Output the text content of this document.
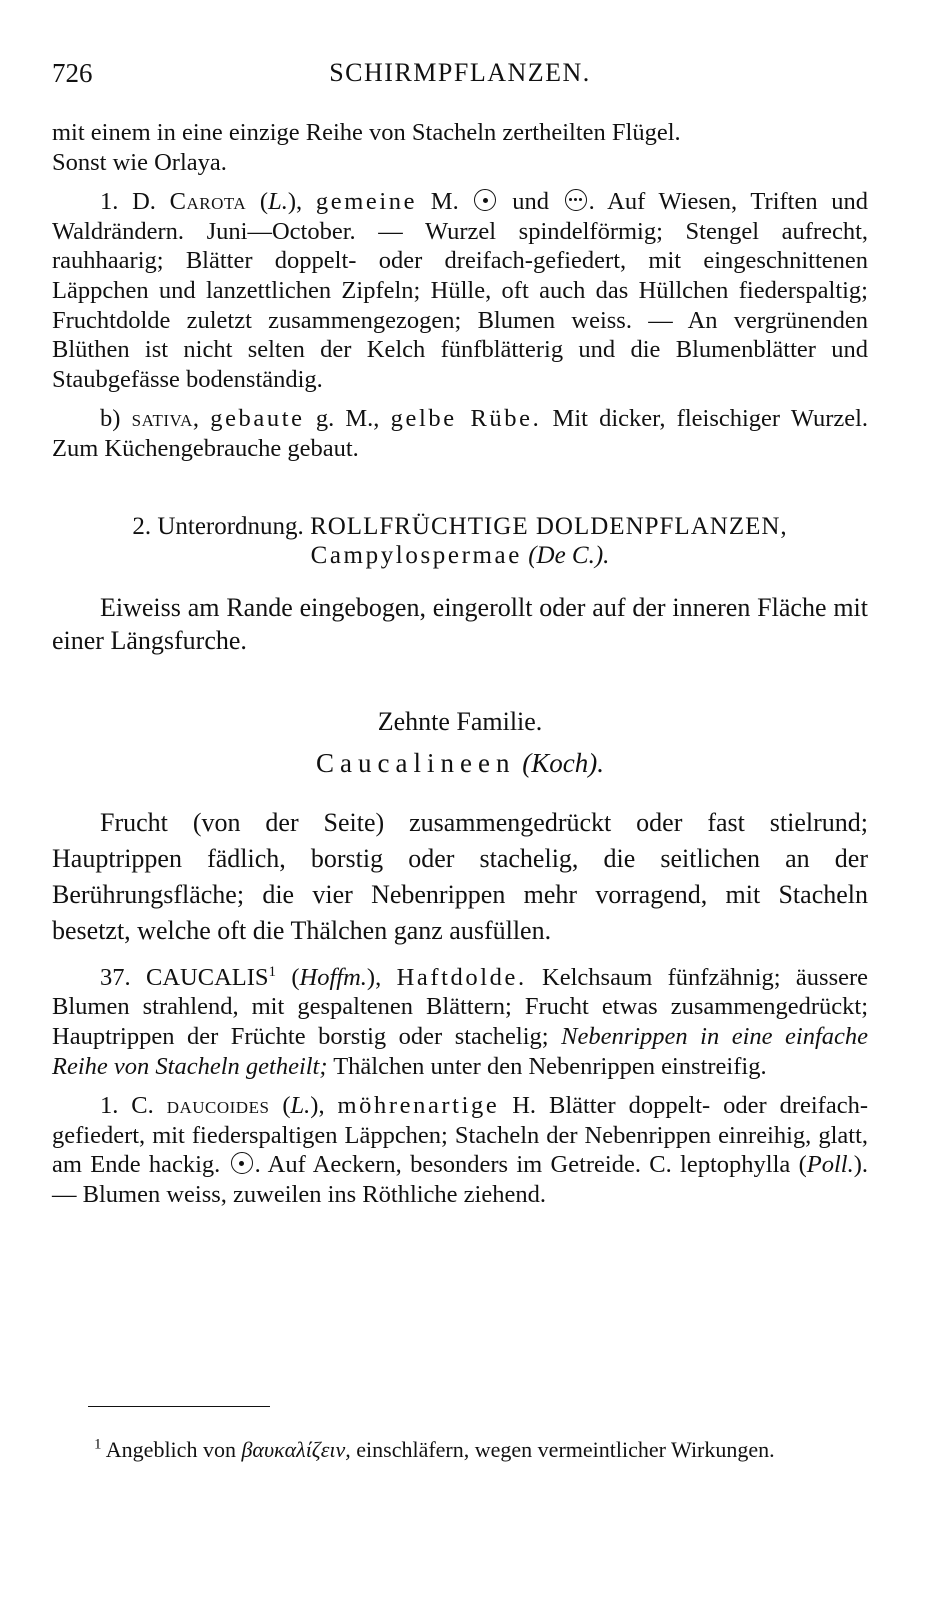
726	SCHIRMPFLANZEN.

mit einem in eine einzige Reihe von Stacheln zertheilten Flügel.
Sonst wie Orlaya.

1. D. Carota (L.), gemeine M. und . Auf Wiesen, Triften und Waldrändern. Juni—October. — Wurzel spindelförmig; Stengel aufrecht, rauhhaarig; Blätter doppelt- oder dreifach-gefiedert, mit eingeschnittenen Läppchen und lanzettlichen Zipfeln; Hülle, oft auch das Hüllchen fiederspaltig; Fruchtdolde zuletzt zusammengezogen; Blumen weiss. — An vergrünenden Blüthen ist nicht selten der Kelch fünfblätterig und die Blumenblätter und Staubgefässe bodenständig.

b) sativa, gebaute g. M., gelbe Rübe. Mit dicker, fleischiger Wurzel. Zum Küchengebrauche gebaut.

2. Unterordnung. ROLLFRÜCHTIGE DOLDENPFLANZEN, Campylospermae (De C.).

Eiweiss am Rande eingebogen, eingerollt oder auf der inneren Fläche mit einer Längsfurche.

Zehnte Familie.

Caucalineen (Koch).

Frucht (von der Seite) zusammengedrückt oder fast stielrund; Hauptrippen fädlich, borstig oder stachelig, die seitlichen an der Berührungsfläche; die vier Nebenrippen mehr vorragend, mit Stacheln besetzt, welche oft die Thälchen ganz ausfüllen.

37. CAUCALIS$^1$ (Hoffm.), Haftdolde. Kelchsaum fünfzähnig; äussere Blumen strahlend, mit gespaltenen Blättern; Frucht etwas zusammengedrückt; Hauptrippen der Früchte borstig oder stachelig; Nebenrippen in eine einfache Reihe von Stacheln getheilt; Thälchen unter den Nebenrippen einstreifig.

1. C. daucoides (L.), möhrenartige H. Blätter doppelt- oder dreifach-gefiedert, mit fiederspaltigen Läppchen; Stacheln der Nebenrippen einreihig, glatt, am Ende hackig. . Auf Aeckern, besonders im Getreide. C. leptophylla (Poll.). — Blumen weiss, zuweilen ins Röthliche ziehend.

$^1$ Angeblich von βαυκαλίζειν, einschläfern, wegen vermeintlicher Wirkungen.
